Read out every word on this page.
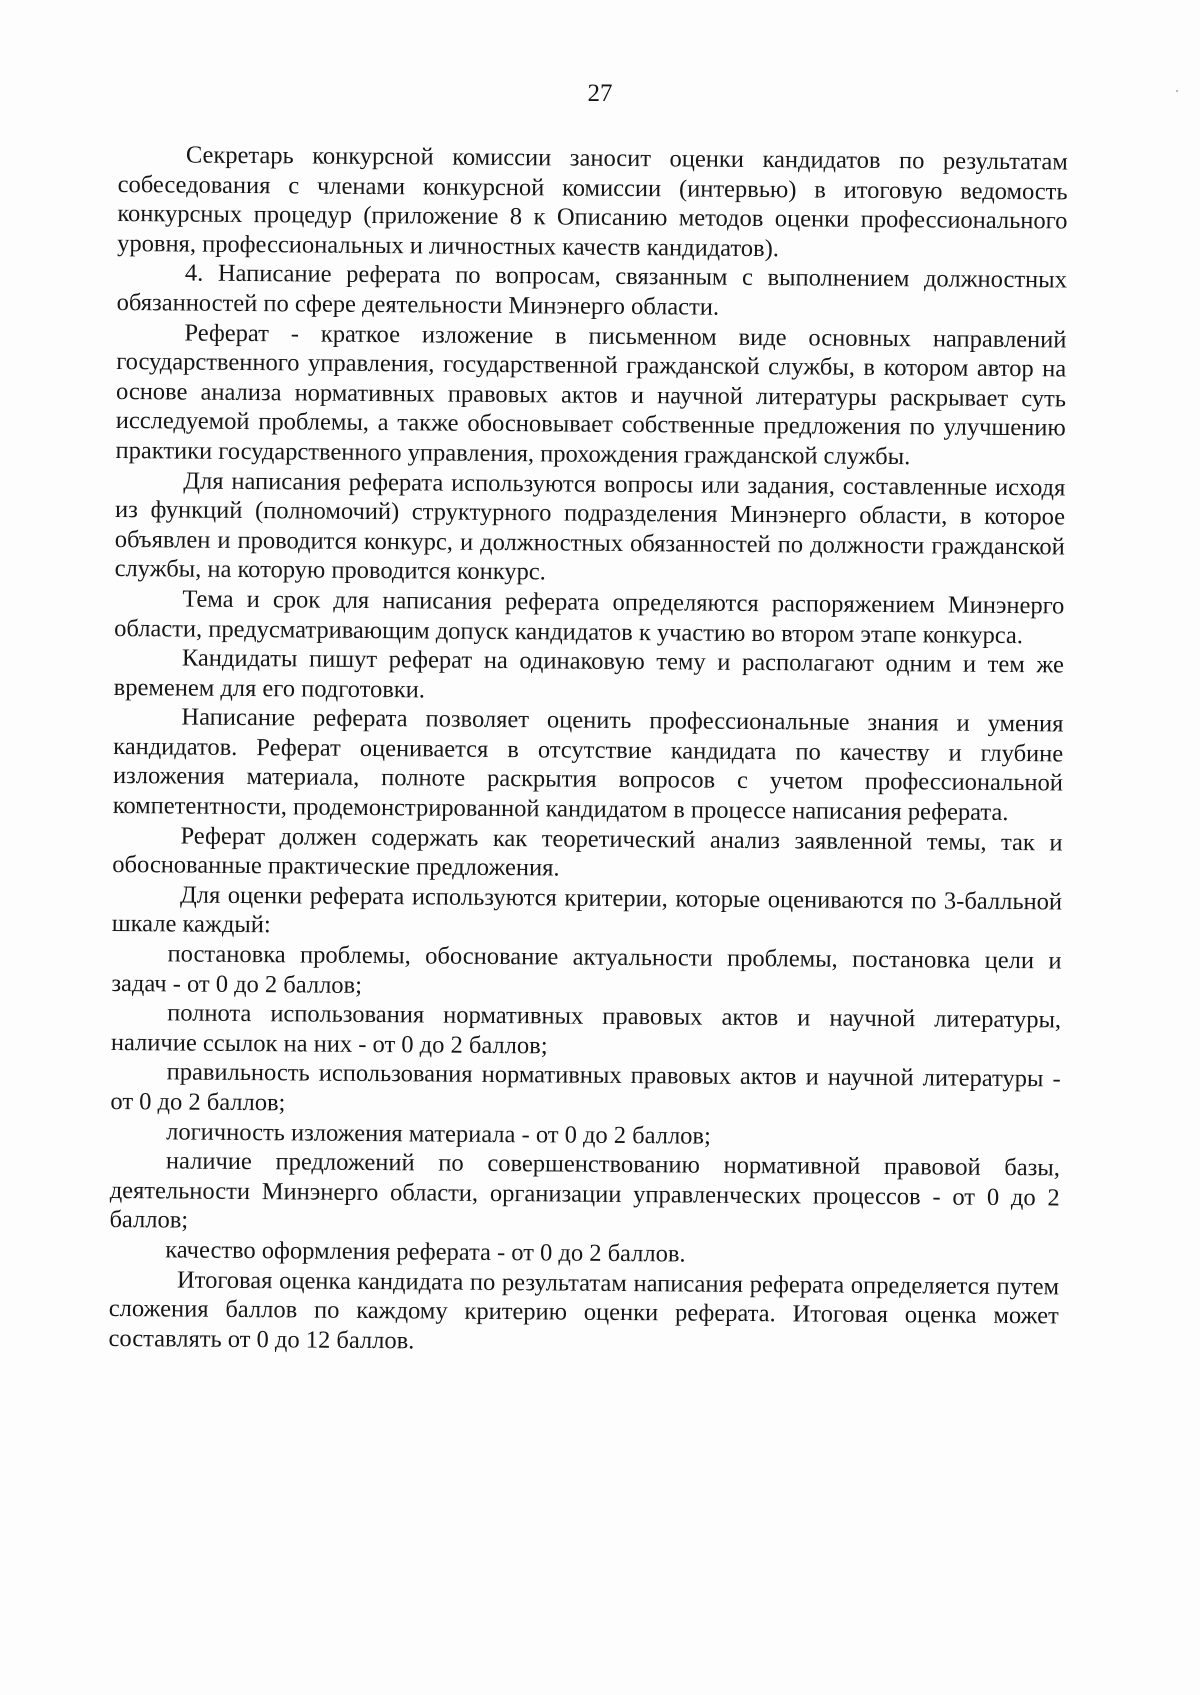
27

Секретарь конкурсной комиссии заносит оценки кандидатов по результатам собеседования с членами конкурсной комиссии (интервью) в итоговую ведомость конкурсных процедур (приложение 8 к Описанию методов оценки профессионального уровня, профессиональных и личностных качеств кандидатов).

4. Написание реферата по вопросам, связанным с выполнением должностных обязанностей по сфере деятельности Минэнерго области.

Реферат - краткое изложение в письменном виде основных направлений государственного управления, государственной гражданской службы, в котором автор на основе анализа нормативных правовых актов и научной литературы раскрывает суть исследуемой проблемы, а также обосновывает собственные предложения по улучшению практики государственного управления, прохождения гражданской службы.

Для написания реферата используются вопросы или задания, составленные исходя из функций (полномочий) структурного подразделения Минэнерго области, в которое объявлен и проводится конкурс, и должностных обязанностей по должности гражданской службы, на которую проводится конкурс.

Тема и срок для написания реферата определяются распоряжением Минэнерго области, предусматривающим допуск кандидатов к участию во втором этапе конкурса.

Кандидаты пишут реферат на одинаковую тему и располагают одним и тем же временем для его подготовки.

Написание реферата позволяет оценить профессиональные знания и умения кандидатов. Реферат оценивается в отсутствие кандидата по качеству и глубине изложения материала, полноте раскрытия вопросов с учетом профессиональной компетентности, продемонстрированной кандидатом в процессе написания реферата.

Реферат должен содержать как теоретический анализ заявленной темы, так и обоснованные практические предложения.

Для оценки реферата используются критерии, которые оцениваются по 3-балльной шкале каждый:

постановка проблемы, обоснование актуальности проблемы, постановка цели и задач - от 0 до 2 баллов;

полнота использования нормативных правовых актов и научной литературы, наличие ссылок на них - от 0 до 2 баллов;

правильность использования нормативных правовых актов и научной литературы - от 0 до 2 баллов;

логичность изложения материала - от 0 до 2 баллов;

наличие предложений по совершенствованию нормативной правовой базы, деятельности Минэнерго области, организации управленческих процессов - от 0 до 2 баллов;

качество оформления реферата - от 0 до 2 баллов.

Итоговая оценка кандидата по результатам написания реферата определяется путем сложения баллов по каждому критерию оценки реферата. Итоговая оценка может составлять от 0 до 12 баллов.
